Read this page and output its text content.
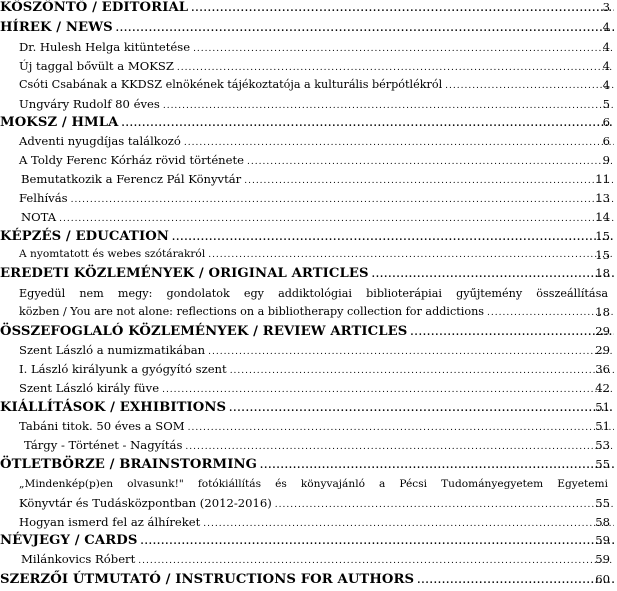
KÖSZÖNTŐ / EDITORIAL .....	3
HÍREK / NEWS .....	4
Dr. Hulesh Helga kitüntetése .....	4
Új taggal bővült a MOKSZ .....	4
Csóti Csabának a KKDSZ elnökének tájékoztatója a kulturális bérpótlékról .....	4
Ungváry Rudolf 80 éves .....	5
MOKSZ / HMLA .....	6
Adventi nyugdíjas találkozó .....	6
A Toldy Ferenc Kórház rövid története .....	9
Bemutatkozik a Ferencz Pál Könyvtár .....	11
Felhívás .....	13
NOTA .....	14
KÉPZÉS / EDUCATION .....	15
A nyomtatott és webes szótárakról .....	15
EREDETI KÖZLEMÉNYEK / ORIGINAL ARTICLES .....	18
Egyedül nem megy: gondolatok egy addiktológiai biblioterápiai gyűjtemény összeállítása
közben / You are not alone: reflections on a bibliotherapy collection for addictions .....	18
ÖSSZEFOGLALÓ KÖZLEMÉNYEK / REVIEW ARTICLES .....	29
Szent László a numizmatikában .....	29
I. László királyunk a gyógyító szent .....	36
Szent László király füve .....	42
KIÁLLÍTÁSOK / EXHIBITIONS .....	51
Tabáni titok. 50 éves a SOM .....	51
Tárgy - Történet - Nagyítás .....	53
ÖTLETBÖRZE / BRAINSTORMING .....	55
„Mindenkép(p)en olvasunk!" fotókiállítás és könyvajánló a Pécsi Tudományegyetem Egyetemi
Könyvtár és Tudásközpontban (2012-2016) .....	55
Hogyan ismerd fel az álhíreket .....	58
NÉVJEGY / CARDS .....	59
Milánkovics Róbert .....	59
SZERZŐI ÚTMUTATÓ / INSTRUCTIONS FOR AUTHORS .....	60
